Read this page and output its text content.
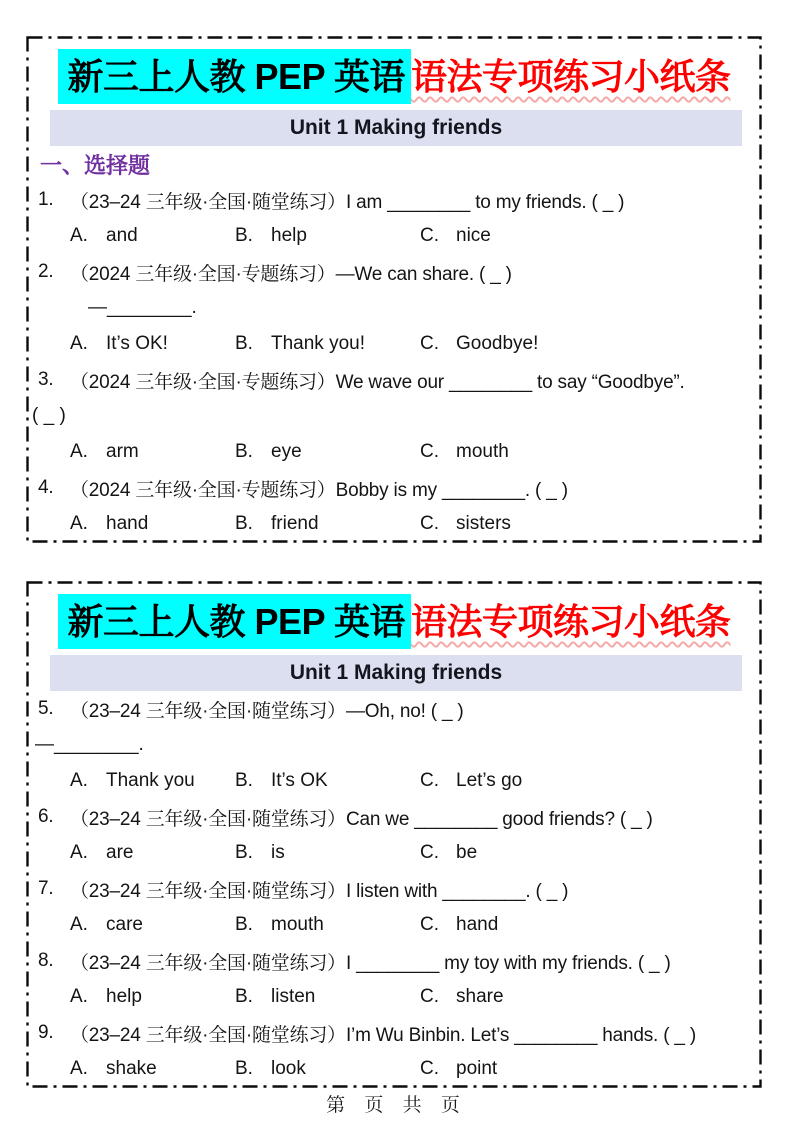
新三上人教 PEP 英语 语法专项练习小纸条
Unit 1 Making friends
一、选择题
1. （23–24 三年级·全国·随堂练习）I am ________ to my friends. ( _ )
A. and	B. help	C. nice
2. （2024 三年级·全国·专题练习）—We can share. ( _ )
—________.
A. It’s OK!	B. Thank you!	C. Goodbye!
3. （2024 三年级·全国·专题练习）We wave our ________ to say “Goodbye”.
( _ )
A. arm	B. eye	C. mouth
4. （2024 三年级·全国·专题练习）Bobby is my ________. ( _ )
A. hand	B. friend	C. sisters
新三上人教 PEP 英语 语法专项练习小纸条
Unit 1 Making friends
5. （23–24 三年级·全国·随堂练习）—Oh, no! ( _ )
—________.
A. Thank you B. It’s OK	C. Let’s go
6. （23–24 三年级·全国·随堂练习）Can we ________ good friends? ( _ )
A. are	B. is	C. be
7. （23–24 三年级·全国·随堂练习）I listen with ________. ( _ )
A. care	B. mouth	C. hand
8. （23–24 三年级·全国·随堂练习）I ________ my toy with my friends. ( _ )
A. help	B. listen	C. share
9. （23–24 三年级·全国·随堂练习）I’m Wu Binbin. Let’s ________ hands. ( _ )
A. shake	B. look	C. point
第 页 共 页
